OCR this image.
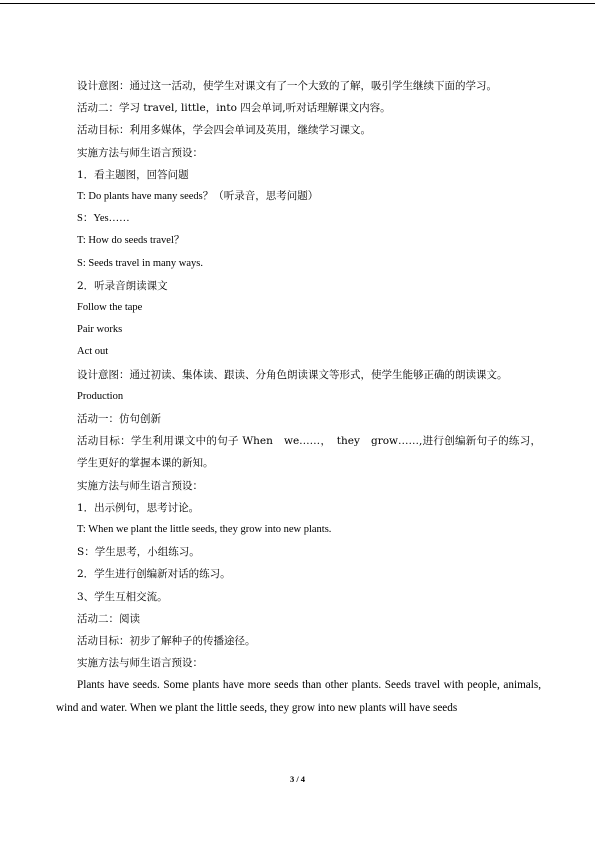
设计意图：通过这一活动，使学生对课文有了一个大致的了解，吸引学生继续下面的学习。

活动二：学习 travel, little，into 四会单词,听对话理解课文内容。

活动目标：利用多媒体，学会四会单词及英用，继续学习课文。

实施方法与师生语言预设：

1．看主题图，回答问题

T: Do plants have many seeds？（听录音，思考问题）

S：Yes……

T: How do seeds travel？

S: Seeds travel in many ways.

2．听录音朗读课文

Follow the tape

Pair works

Act out

设计意图：通过初读、集体读、跟读、分角色朗读课文等形式，使学生能够正确的朗读课文。

Production

活动一：仿句创新

活动目标：学生利用课文中的句子 When　we……，　they　grow……,进行创编新句子的练习，学生更好的掌握本课的新知。

实施方法与师生语言预设：

1．出示例句，思考讨论。

T: When we plant the little seeds, they grow into new plants.

S：学生思考，小组练习。

2．学生进行创编新对话的练习。

3、学生互相交流。

活动二：阅读

活动目标：初步了解种子的传播途径。

实施方法与师生语言预设：

Plants have seeds. Some plants have more seeds than other plants. Seeds travel with people, animals, wind and water. When we plant the little seeds, they grow into new plants will have seeds

3 / 4
